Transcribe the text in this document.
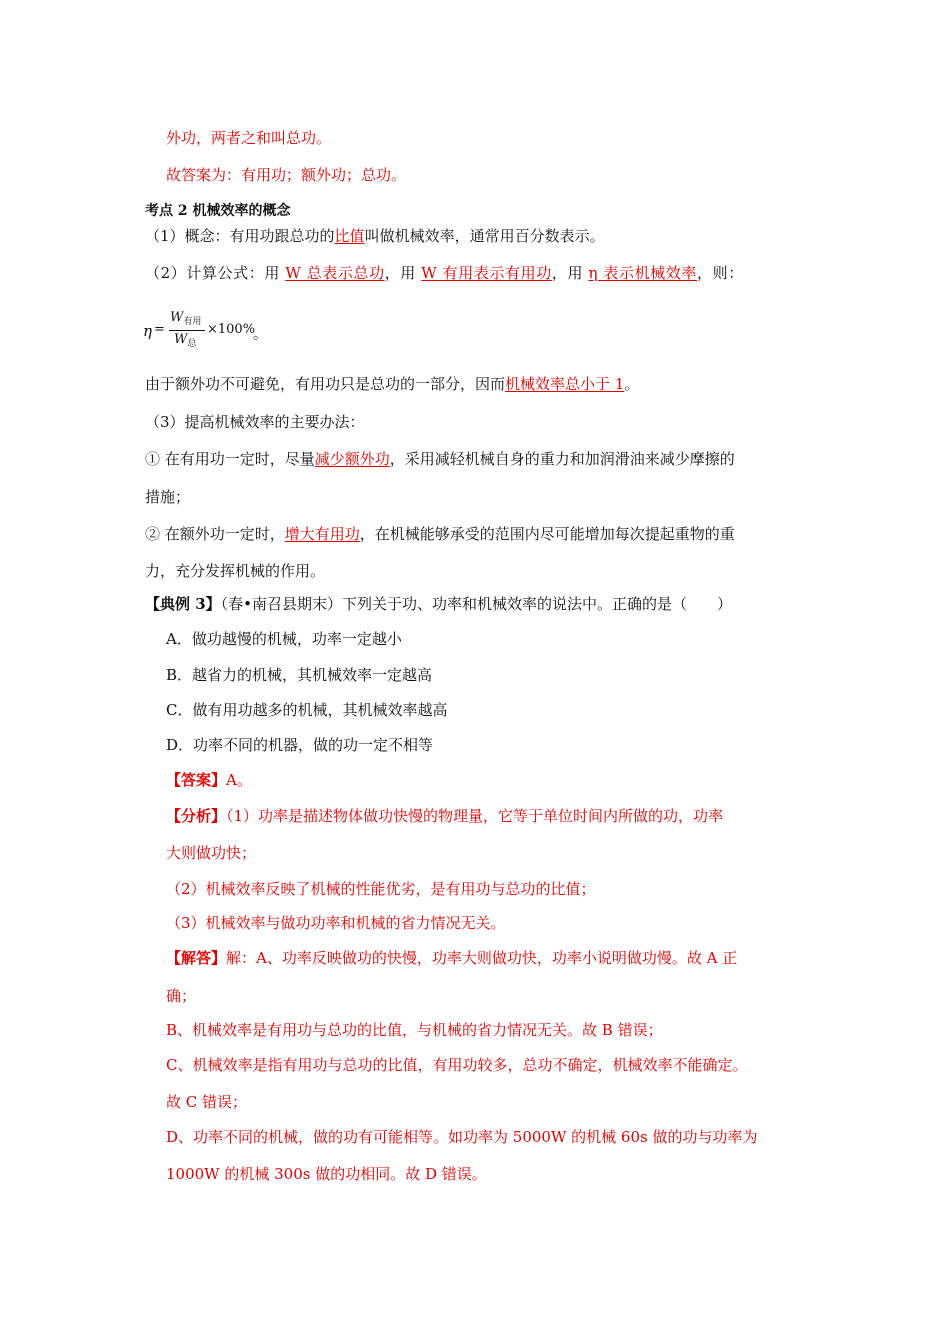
外功，两者之和叫总功。
故答案为：有用功；额外功；总功。
考点 2 机械效率的概念
（1）概念：有用功跟总功的比值叫做机械效率，通常用百分数表示。
（2）计算公式：用 W 总表示总功，用 W 有用表示有用功，用 η 表示机械效率，则：
η =
$W_{有用}$
$W_总$
×100%
。
由于额外功不可避免，有用功只是总功的一部分，因而机械效率总小于 1。
（3）提高机械效率的主要办法：
① 在有用功一定时，尽量减少额外功，采用减轻机械自身的重力和加润滑油来减少摩擦的
措施；
② 在额外功一定时，增大有用功，在机械能够承受的范围内尽可能增加每次提起重物的重
力，充分发挥机械的作用。
【典例 3】（春•南召县期末）下列关于功、功率和机械效率的说法中。正确的是（　　）
A．做功越慢的机械，功率一定越小
B．越省力的机械，其机械效率一定越高
C．做有用功越多的机械，其机械效率越高
D．功率不同的机器，做的功一定不相等
【答案】A。
【分析】（1）功率是描述物体做功快慢的物理量，它等于单位时间内所做的功，功率
大则做功快；
（2）机械效率反映了机械的性能优劣，是有用功与总功的比值；
（3）机械效率与做功功率和机械的省力情况无关。
【解答】解：A、功率反映做功的快慢，功率大则做功快，功率小说明做功慢。故 A 正
确；
B、机械效率是有用功与总功的比值，与机械的省力情况无关。故 B 错误；
C、机械效率是指有用功与总功的比值，有用功较多，总功不确定，机械效率不能确定。
故 C 错误；
D、功率不同的机械，做的功有可能相等。如功率为 5000W 的机械 60s 做的功与功率为
1000W 的机械 300s 做的功相同。故 D 错误。
